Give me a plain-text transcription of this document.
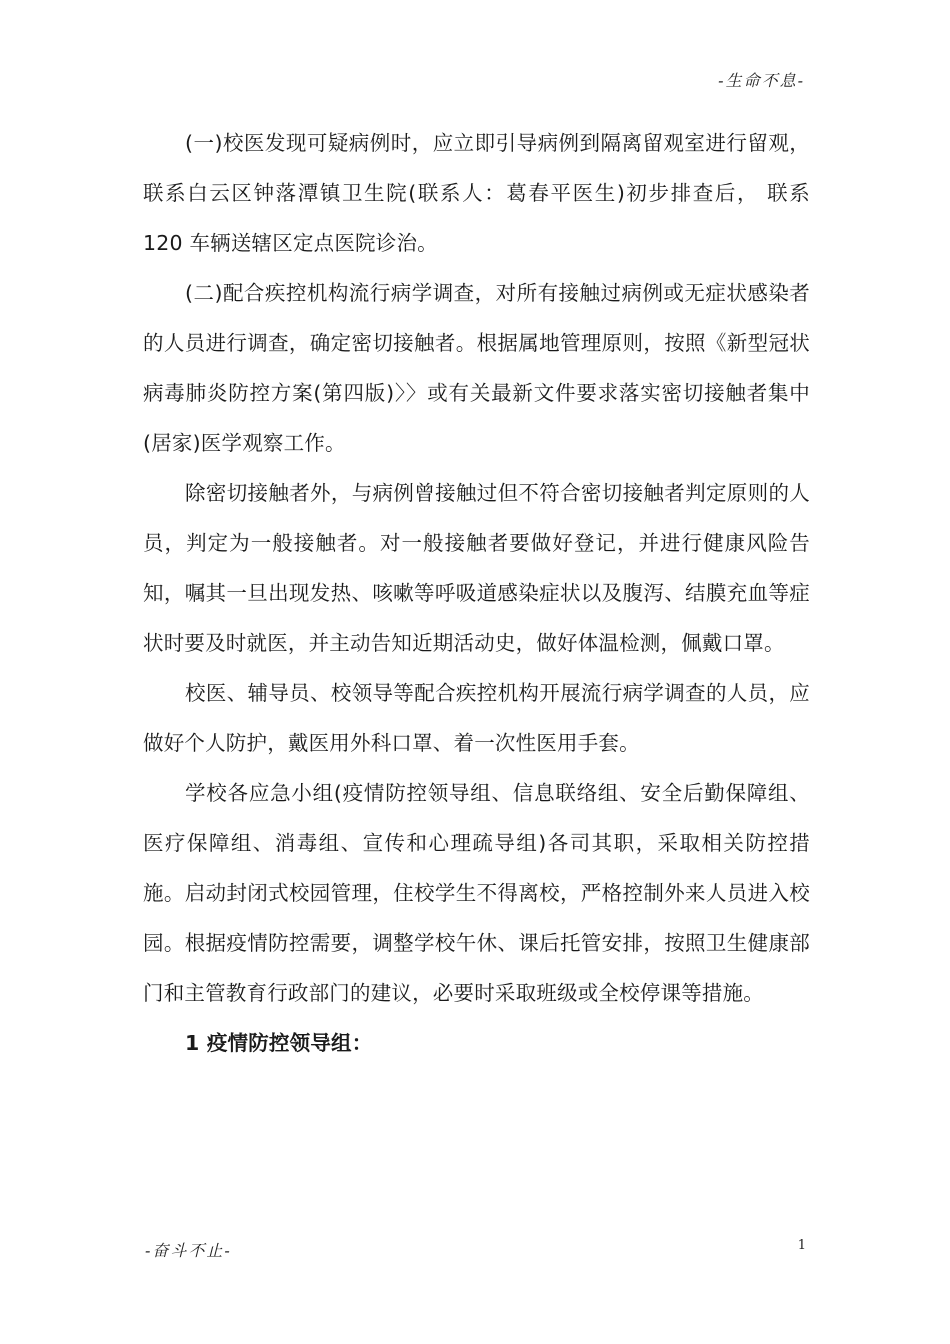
-生命不息-

(一)校医发现可疑病例时，应立即引导病例到隔离留观室进行留观，联系白云区钟落潭镇卫生院(联系人：葛春平医生)初步排查后， 联系 120 车辆送辖区定点医院诊治。

(二)配合疾控机构流行病学调查，对所有接触过病例或无症状感染者的人员进行调查，确定密切接触者。根据属地管理原则，按照《新型冠状病毒肺炎防控方案(第四版)〉〉或有关最新文件要求落实密切接触者集中(居家)医学观察工作。

除密切接触者外，与病例曾接触过但不符合密切接触者判定原则的人员，判定为一般接触者。对一般接触者要做好登记，并进行健康风险告知，嘱其一旦出现发热、咳嗽等呼吸道感染症状以及腹泻、结膜充血等症状时要及时就医，并主动告知近期活动史，做好体温检测，佩戴口罩。

校医、辅导员、校领导等配合疾控机构开展流行病学调查的人员，应做好个人防护，戴医用外科口罩、着一次性医用手套。

学校各应急小组(疫情防控领导组、信息联络组、安全后勤保障组、医疗保障组、消毒组、宣传和心理疏导组)各司其职，采取相关防控措施。启动封闭式校园管理，住校学生不得离校，严格控制外来人员进入校园。根据疫情防控需要，调整学校午休、课后托管安排，按照卫生健康部门和主管教育行政部门的建议，必要时采取班级或全校停课等措施。

1 疫情防控领导组：

-奋斗不止-	1
